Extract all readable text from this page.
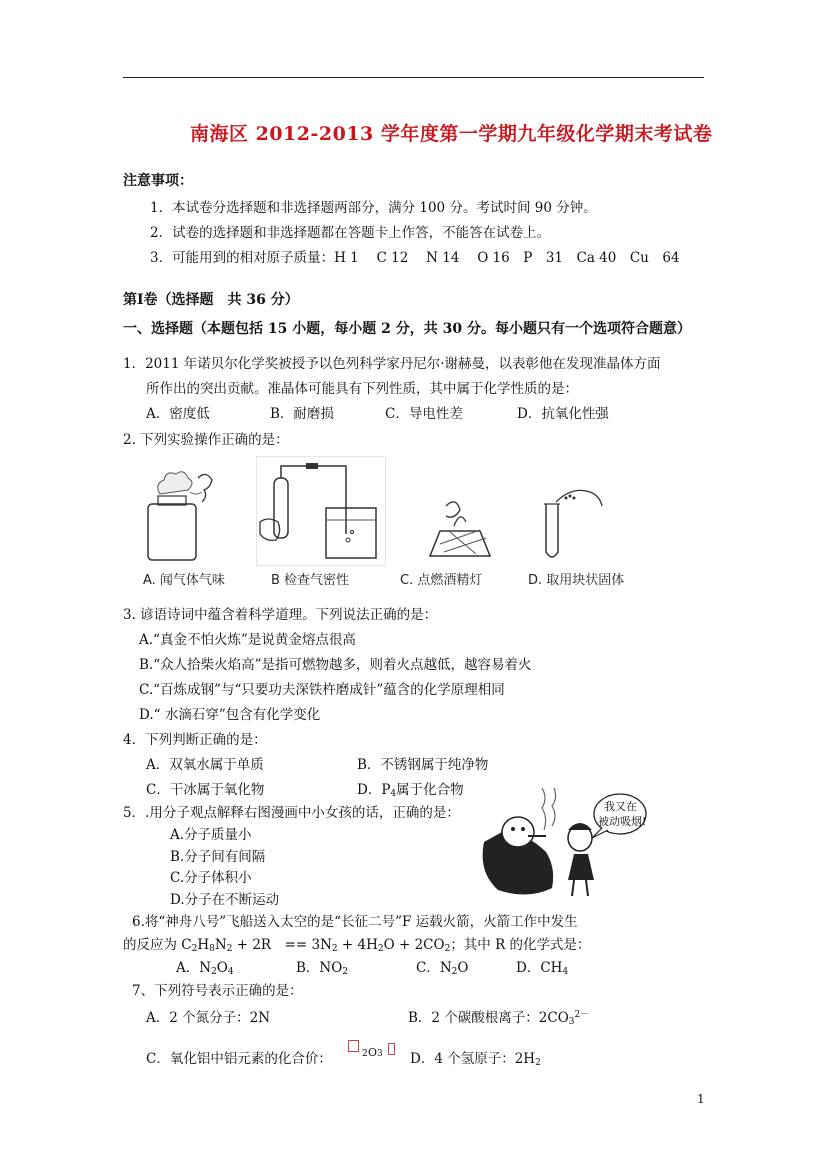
南海区 2012-2013 学年度第一学期九年级化学期末考试卷
注意事项：
1．本试卷分选择题和非选择题两部分，满分 100 分。考试时间 90 分钟。
2．试卷的选择题和非选择题都在答题卡上作答，不能答在试卷上。
3．可能用到的相对原子质量：H 1　 C 12　 N 14　 O 16　P　31　Ca 40　Cu　64
第Ⅰ卷（选择题　共 36 分）
一、选择题（本题包括 15 小题，每小题 2 分，共 30 分。每小题只有一个选项符合题意）
1．2011 年诺贝尔化学奖被授予以色列科学家丹尼尔·谢赫曼，以表彰他在发现准晶体方面
所作出的突出贡献。准晶体可能具有下列性质，其中属于化学性质的是：
A．密度低	B．耐磨损	C．导电性差	D．抗氧化性强
2. 下列实验操作正确的是：
A. 闻气体气味	B 检查气密性	C. 点燃酒精灯	D. 取用块状固体
3. 谚语诗词中蕴含着科学道理。下列说法正确的是：
A.“真金不怕火炼”是说黄金熔点很高
B.“众人拾柴火焰高”是指可燃物越多，则着火点越低，越容易着火
C.“百炼成钢”与“只要功夫深铁杵磨成针”蕴含的化学原理相同
D.“ 水滴石穿”包含有化学变化
4．下列判断正确的是：
A．双氧水属于单质	B．不锈钢属于纯净物
C．干冰属于氧化物	D．$P_4$属于化合物
5．.用分子观点解释右图漫画中小女孩的话，正确的是：
A.分子质量小
B.分子间有间隔
C.分子体积小
D.分子在不断运动
我又在
被动吸烟!
6.将“神舟八号”飞船送入太空的是“长征二号”F 运载火箭，火箭工作中发生
的反应为 $C_2H_8N_2 + 2R$　== $3N_2 + 4H_2O + 2CO_2$；其中 R 的化学式是：
A．$N_2O_4$	B．$NO_2$	C．$N_2O$	D．$CH_4$
7、下列符号表示正确的是：
A．2 个氮分子：2N	B．2 个碳酸根离子：$2CO_3^{2-}$
C．氧化铝中铝元素的化合价：	2 O 3 D．4 个氢原子：$2H_2$
1
